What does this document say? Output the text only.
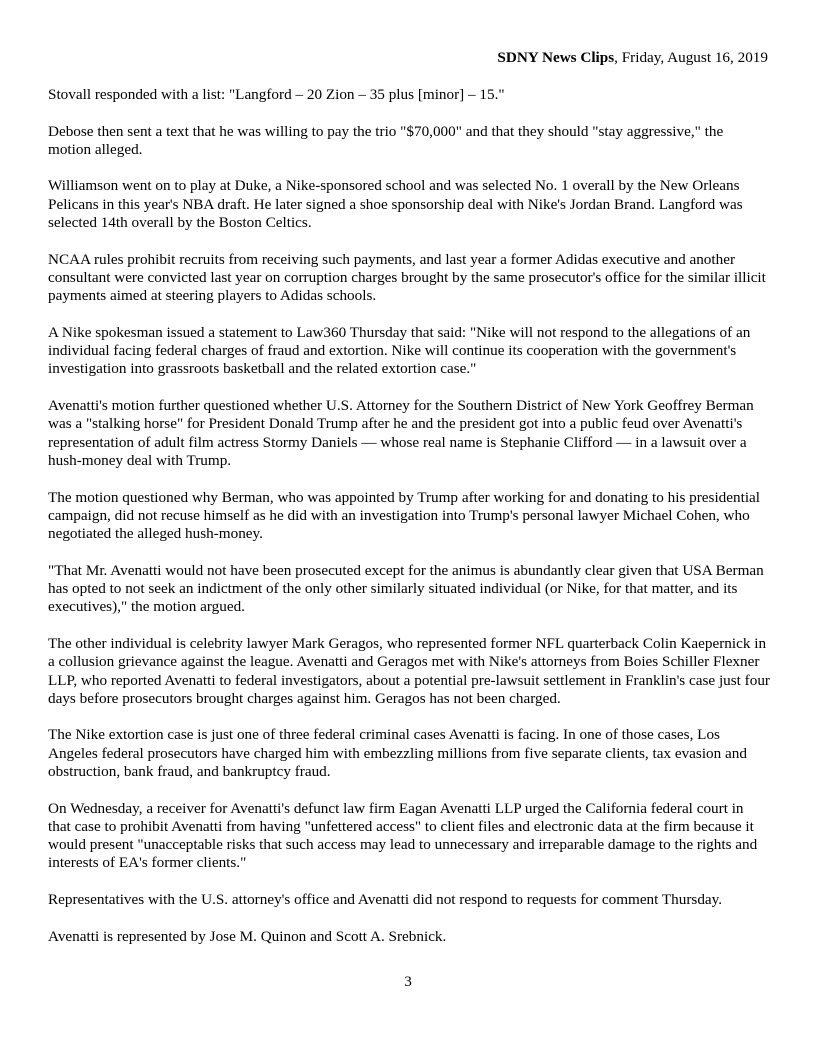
SDNY News Clips, Friday, August 16, 2019

Stovall responded with a list: "Langford – 20 Zion – 35 plus [minor] – 15."

Debose then sent a text that he was willing to pay the trio "$70,000" and that they should "stay aggressive," the motion alleged.

Williamson went on to play at Duke, a Nike-sponsored school and was selected No. 1 overall by the New Orleans Pelicans in this year's NBA draft. He later signed a shoe sponsorship deal with Nike's Jordan Brand. Langford was selected 14th overall by the Boston Celtics.

NCAA rules prohibit recruits from receiving such payments, and last year a former Adidas executive and another consultant were convicted last year on corruption charges brought by the same prosecutor's office for the similar illicit payments aimed at steering players to Adidas schools.

A Nike spokesman issued a statement to Law360 Thursday that said: "Nike will not respond to the allegations of an individual facing federal charges of fraud and extortion. Nike will continue its cooperation with the government's investigation into grassroots basketball and the related extortion case."

Avenatti's motion further questioned whether U.S. Attorney for the Southern District of New York Geoffrey Berman was a "stalking horse" for President Donald Trump after he and the president got into a public feud over Avenatti's representation of adult film actress Stormy Daniels — whose real name is Stephanie Clifford — in a lawsuit over a hush-money deal with Trump.

The motion questioned why Berman, who was appointed by Trump after working for and donating to his presidential campaign, did not recuse himself as he did with an investigation into Trump's personal lawyer Michael Cohen, who negotiated the alleged hush-money.

"That Mr. Avenatti would not have been prosecuted except for the animus is abundantly clear given that USA Berman has opted to not seek an indictment of the only other similarly situated individual (or Nike, for that matter, and its executives)," the motion argued.

The other individual is celebrity lawyer Mark Geragos, who represented former NFL quarterback Colin Kaepernick in a collusion grievance against the league. Avenatti and Geragos met with Nike's attorneys from Boies Schiller Flexner LLP, who reported Avenatti to federal investigators, about a potential pre-lawsuit settlement in Franklin's case just four days before prosecutors brought charges against him. Geragos has not been charged.

The Nike extortion case is just one of three federal criminal cases Avenatti is facing. In one of those cases, Los Angeles federal prosecutors have charged him with embezzling millions from five separate clients, tax evasion and obstruction, bank fraud, and bankruptcy fraud.

On Wednesday, a receiver for Avenatti's defunct law firm Eagan Avenatti LLP urged the California federal court in that case to prohibit Avenatti from having "unfettered access" to client files and electronic data at the firm because it would present "unacceptable risks that such access may lead to unnecessary and irreparable damage to the rights and interests of EA's former clients."

Representatives with the U.S. attorney's office and Avenatti did not respond to requests for comment Thursday.

Avenatti is represented by Jose M. Quinon and Scott A. Srebnick.

3
